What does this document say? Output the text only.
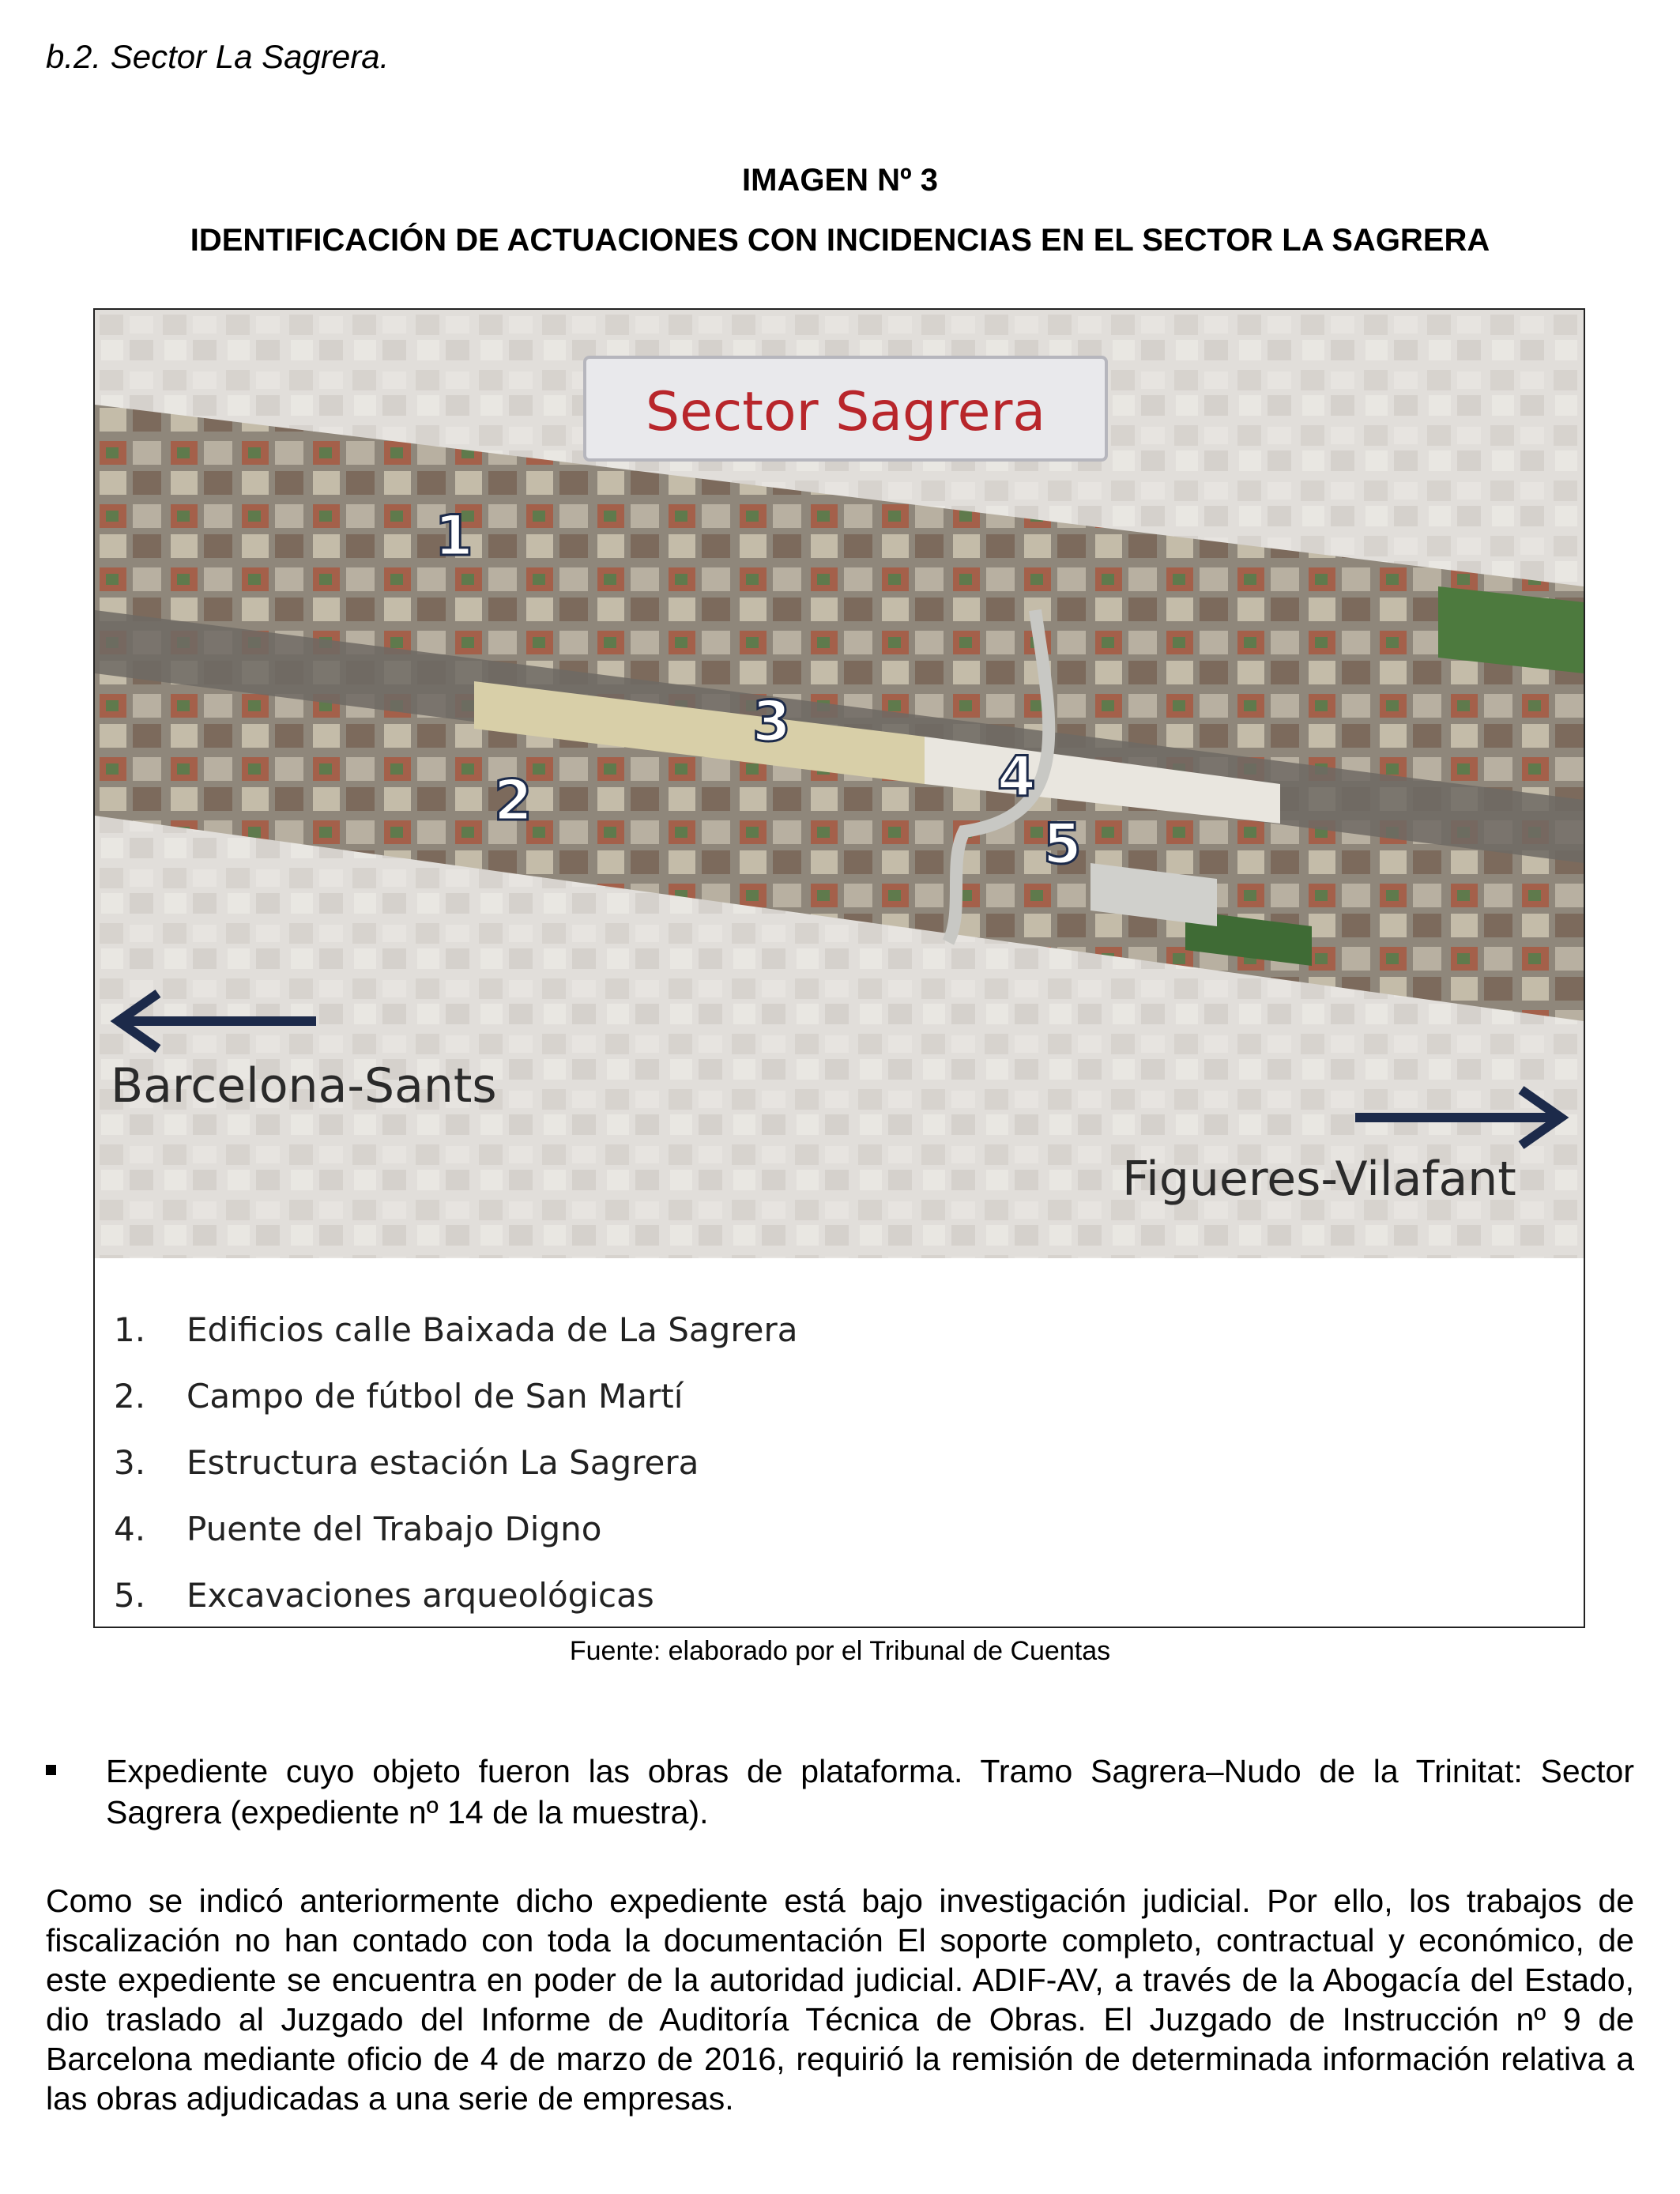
b.2. Sector La Sagrera.
IMAGEN Nº 3
IDENTIFICACIÓN DE ACTUACIONES CON INCIDENCIAS EN EL SECTOR LA SAGRERA
Sector Sagrera
1
2
3
4
5
Barcelona-Sants
Figueres-Vilafant
1.	Edificios calle Baixada de La Sagrera
2.	Campo de fútbol de San Martí
3.	Estructura estación La Sagrera
4.	Puente del Trabajo Digno
5.	Excavaciones arqueológicas
Fuente: elaborado por el Tribunal de Cuentas
Expediente cuyo objeto fueron las obras de plataforma. Tramo Sagrera–Nudo de la Trinitat: Sector Sagrera (expediente nº 14 de la muestra).
Como se indicó anteriormente dicho expediente está bajo investigación judicial. Por ello, los trabajos de fiscalización no han contado con toda la documentación El soporte completo, contractual y económico, de este expediente se encuentra en poder de la autoridad judicial. ADIF-AV, a través de la Abogacía del Estado, dio traslado al Juzgado del Informe de Auditoría Técnica de Obras. El Juzgado de Instrucción nº 9 de Barcelona mediante oficio de 4 de marzo de 2016, requirió la remisión de determinada información relativa a las obras adjudicadas a una serie de empresas.
